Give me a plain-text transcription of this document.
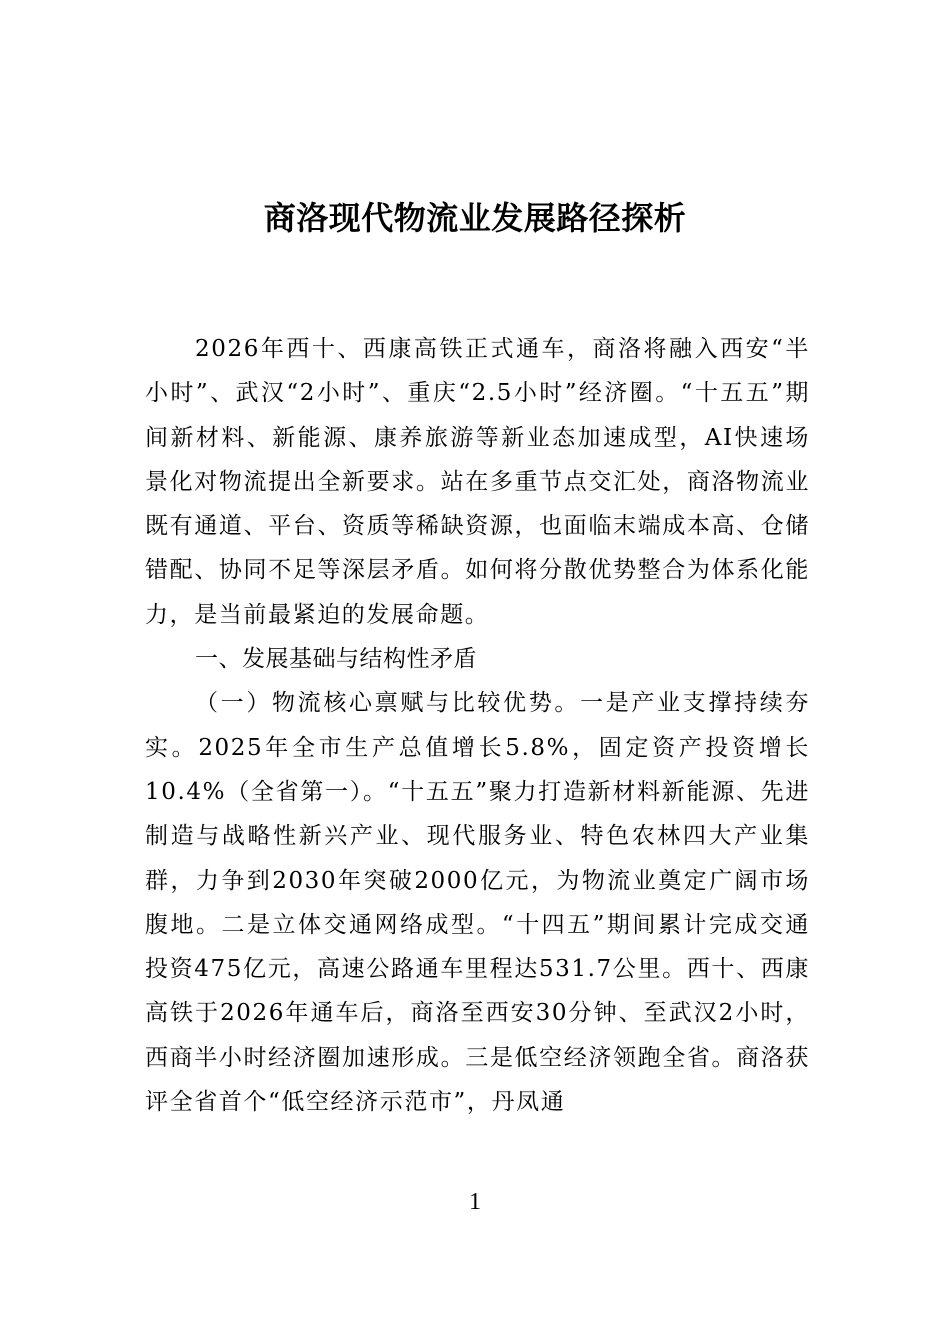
商洛现代物流业发展路径探析

2026年西十、西康高铁正式通车，商洛将融入西安“半小时”、武汉“2小时”、重庆“2.5小时”经济圈。“十五五”期间新材料、新能源、康养旅游等新业态加速成型，AI快速场景化对物流提出全新要求。站在多重节点交汇处，商洛物流业既有通道、平台、资质等稀缺资源，也面临末端成本高、仓储错配、协同不足等深层矛盾。如何将分散优势整合为体系化能力，是当前最紧迫的发展命题。

一、发展基础与结构性矛盾

（一）物流核心禀赋与比较优势。一是产业支撑持续夯实。2025年全市生产总值增长5.8%，固定资产投资增长10.4%（全省第一）。“十五五”聚力打造新材料新能源、先进制造与战略性新兴产业、现代服务业、特色农林四大产业集群，力争到2030年突破2000亿元，为物流业奠定广阔市场腹地。二是立体交通网络成型。“十四五”期间累计完成交通投资475亿元，高速公路通车里程达531.7公里。西十、西康高铁于2026年通车后，商洛至西安30分钟、至武汉2小时，西商半小时经济圈加速形成。三是低空经济领跑全省。商洛获评全省首个“低空经济示范市”，丹凤通

1
